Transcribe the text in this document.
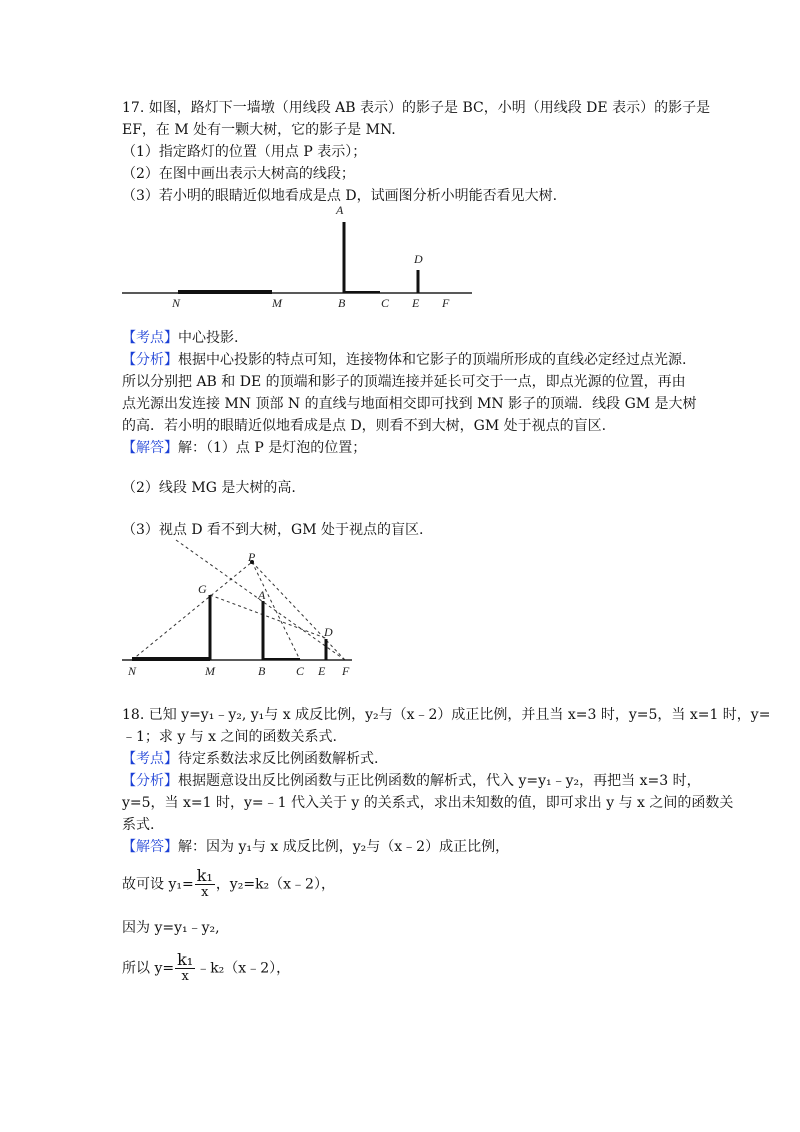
17. 如图，路灯下一墙墩（用线段 AB 表示）的影子是 BC，小明（用线段 DE 表示）的影子是
EF，在 M 处有一颗大树，它的影子是 MN.
（1）指定路灯的位置（用点 P 表示）；
（2）在图中画出表示大树高的线段；
（3）若小明的眼睛近似地看成是点 D，试画图分析小明能否看见大树.
A
D
N	M	B	C E F
【考点】中心投影.
【分析】根据中心投影的特点可知，连接物体和它影子的顶端所形成的直线必定经过点光源.
所以分别把 AB 和 DE 的顶端和影子的顶端连接并延长可交于一点，即点光源的位置，再由
点光源出发连接 MN 顶部 N 的直线与地面相交即可找到 MN 影子的顶端．线段 GM 是大树
的高．若小明的眼睛近似地看成是点 D，则看不到大树，GM 处于视点的盲区.
【解答】解：（1）点 P 是灯泡的位置；
（2）线段 MG 是大树的高.
（3）视点 D 看不到大树，GM 处于视点的盲区.
P
G	A
D
N	M	B	C E F
18. 已知 y=y₁﹣y₂, y₁与 x 成反比例，y₂与（x﹣2）成正比例，并且当 x=3 时，y=5，当 x=1 时，y=
﹣1；求 y 与 x 之间的函数关系式.
【考点】待定系数法求反比例函数解析式.
【分析】根据题意设出反比例函数与正比例函数的解析式，代入 y=y₁﹣y₂，再把当 x=3 时，
y=5，当 x=1 时，y=﹣1 代入关于 y 的关系式，求出未知数的值，即可求出 y 与 x 之间的函数关
系式.
【解答】解：因为 y₁与 x 成反比例，y₂与（x﹣2）成正比例，
故可设 $y_1= \frac{\text{k₁}}{x}$ ，y₂=k₂（x﹣2），
因为 y=y₁﹣y₂,
所以 $y= \frac{\text{k₁}}{x}$ ﹣k₂（x﹣2），
